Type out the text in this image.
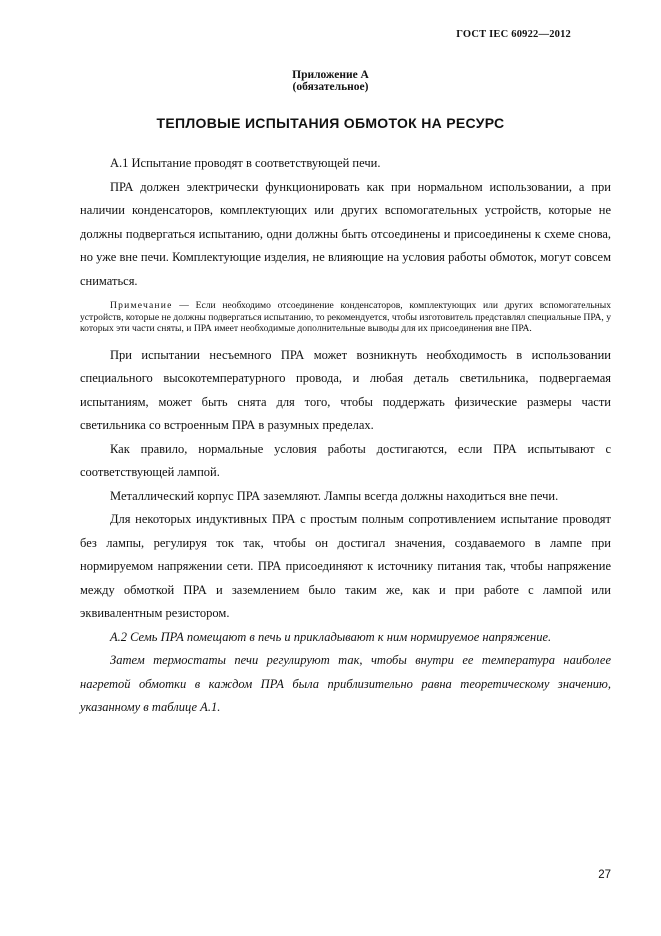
ГОСТ IEC 60922—2012
Приложение А
(обязательное)
ТЕПЛОВЫЕ ИСПЫТАНИЯ ОБМОТОК НА РЕСУРС

А.1 Испытание проводят в соответствующей печи.

ПРА должен электрически функционировать как при нормальном использовании, а при наличии конденсаторов, комплектующих или других вспомогательных устройств, которые не должны подвергаться испытанию, одни должны быть отсоединены и присоединены к схеме снова, но уже вне печи. Комплектующие изделия, не влияющие на условия работы обмоток, могут совсем сниматься.

Примечание — Если необходимо отсоединение конденсаторов, комплектующих или других вспомогательных устройств, которые не должны подвергаться испытанию, то рекомендуется, чтобы изготовитель представлял специальные ПРА, у которых эти части сняты, и ПРА имеет необходимые дополнительные выводы для их присоединения вне ПРА.

При испытании несъемного ПРА может возникнуть необходимость в использовании специального высокотемпературного провода, и любая деталь светильника, подвергаемая испытаниям, может быть снята для того, чтобы поддержать физические размеры части светильника со встроенным ПРА в разумных пределах.

Как правило, нормальные условия работы достигаются, если ПРА испытывают с соответствующей лампой.

Металлический корпус ПРА заземляют. Лампы всегда должны находиться вне печи.

Для некоторых индуктивных ПРА с простым полным сопротивлением испытание проводят без лампы, регулируя ток так, чтобы он достигал значения, создаваемого в лампе при нормируемом напряжении сети. ПРА присоединяют к источнику питания так, чтобы напряжение между обмоткой ПРА и заземлением было таким же, как и при работе с лампой или эквивалентным резистором.

А.2 Семь ПРА помещают в печь и прикладывают к ним нормируемое напряжение.

Затем термостаты печи регулируют так, чтобы внутри ее температура наиболее нагретой обмотки в каждом ПРА была приблизительно равна теоретическому значению, указанному в таблице А.1.

27
